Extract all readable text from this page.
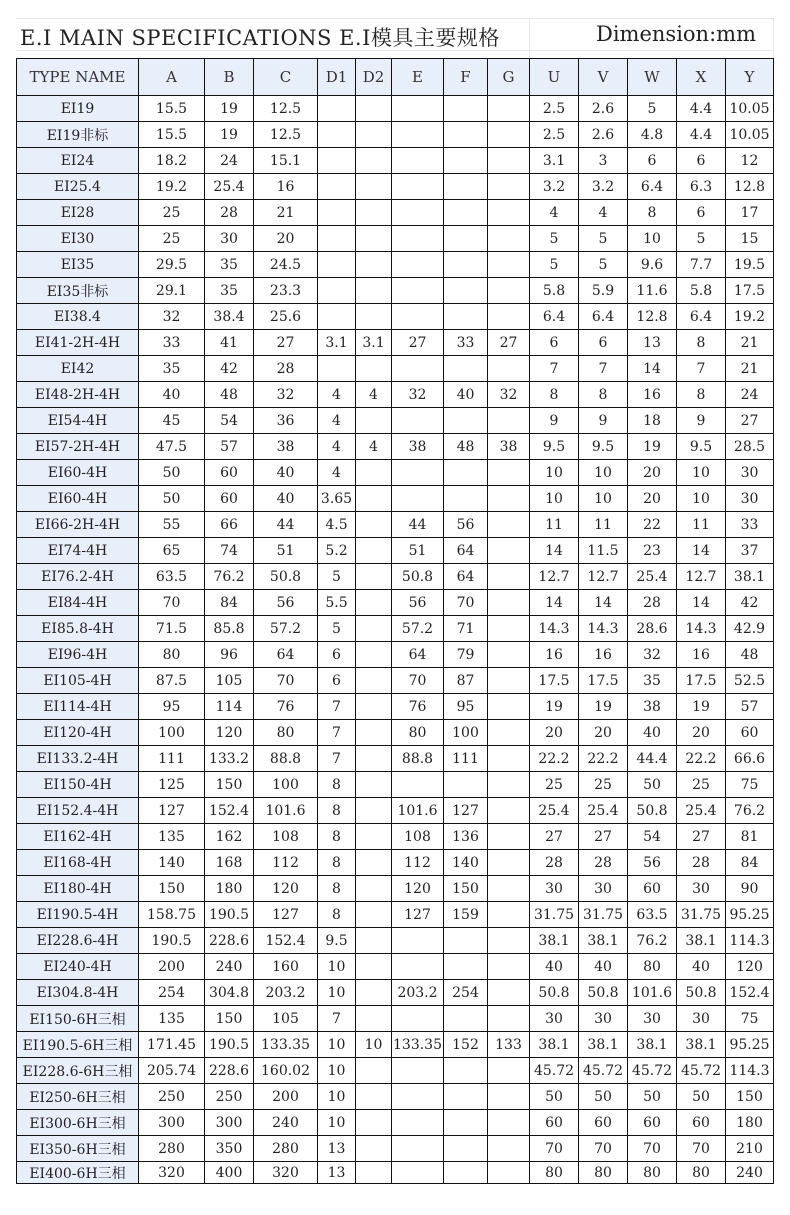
E.I MAIN SPECIFICATIONS E.I模具主要规格	Dimension:mm
TYPE NAME	A	B	C	D1	D2	E	F	G	U	V	W	X	Y
EI19	15.5	19	12.5						2.5	2.6	5	4.4	10.05
EI19非标	15.5	19	12.5						2.5	2.6	4.8	4.4	10.05
EI24	18.2	24	15.1						3.1	3	6	6	12
EI25.4	19.2	25.4	16						3.2	3.2	6.4	6.3	12.8
EI28	25	28	21						4	4	8	6	17
EI30	25	30	20						5	5	10	5	15
EI35	29.5	35	24.5						5	5	9.6	7.7	19.5
EI35非标	29.1	35	23.3						5.8	5.9	11.6	5.8	17.5
EI38.4	32	38.4	25.6						6.4	6.4	12.8	6.4	19.2
EI41-2H-4H	33	41	27	3.1	3.1	27	33	27	6	6	13	8	21
EI42	35	42	28						7	7	14	7	21
EI48-2H-4H	40	48	32	4	4	32	40	32	8	8	16	8	24
EI54-4H	45	54	36	4					9	9	18	9	27
EI57-2H-4H	47.5	57	38	4	4	38	48	38	9.5	9.5	19	9.5	28.5
EI60-4H	50	60	40	4					10	10	20	10	30
EI60-4H	50	60	40	3.65					10	10	20	10	30
EI66-2H-4H	55	66	44	4.5		44	56		11	11	22	11	33
EI74-4H	65	74	51	5.2		51	64		14	11.5	23	14	37
EI76.2-4H	63.5	76.2	50.8	5		50.8	64		12.7	12.7	25.4	12.7	38.1
EI84-4H	70	84	56	5.5		56	70		14	14	28	14	42
EI85.8-4H	71.5	85.8	57.2	5		57.2	71		14.3	14.3	28.6	14.3	42.9
EI96-4H	80	96	64	6		64	79		16	16	32	16	48
EI105-4H	87.5	105	70	6		70	87		17.5	17.5	35	17.5	52.5
EI114-4H	95	114	76	7		76	95		19	19	38	19	57
EI120-4H	100	120	80	7		80	100		20	20	40	20	60
EI133.2-4H	111	133.2	88.8	7		88.8	111		22.2	22.2	44.4	22.2	66.6
EI150-4H	125	150	100	8					25	25	50	25	75
EI152.4-4H	127	152.4	101.6	8		101.6	127		25.4	25.4	50.8	25.4	76.2
EI162-4H	135	162	108	8		108	136		27	27	54	27	81
EI168-4H	140	168	112	8		112	140		28	28	56	28	84
EI180-4H	150	180	120	8		120	150		30	30	60	30	90
EI190.5-4H	158.75	190.5	127	8		127	159		31.75	31.75	63.5	31.75	95.25
EI228.6-4H	190.5	228.6	152.4	9.5					38.1	38.1	76.2	38.1	114.3
EI240-4H	200	240	160	10					40	40	80	40	120
EI304.8-4H	254	304.8	203.2	10		203.2	254		50.8	50.8	101.6	50.8	152.4
EI150-6H三相	135	150	105	7					30	30	30	30	75
EI190.5-6H三相	171.45	190.5	133.35	10	10	133.35	152	133	38.1	38.1	38.1	38.1	95.25
EI228.6-6H三相	205.74	228.6	160.02	10					45.72	45.72	45.72	45.72	114.3
EI250-6H三相	250	250	200	10					50	50	50	50	150
EI300-6H三相	300	300	240	10					60	60	60	60	180
EI350-6H三相	280	350	280	13					70	70	70	70	210
EI400-6H三相	320	400	320	13					80	80	80	80	240
